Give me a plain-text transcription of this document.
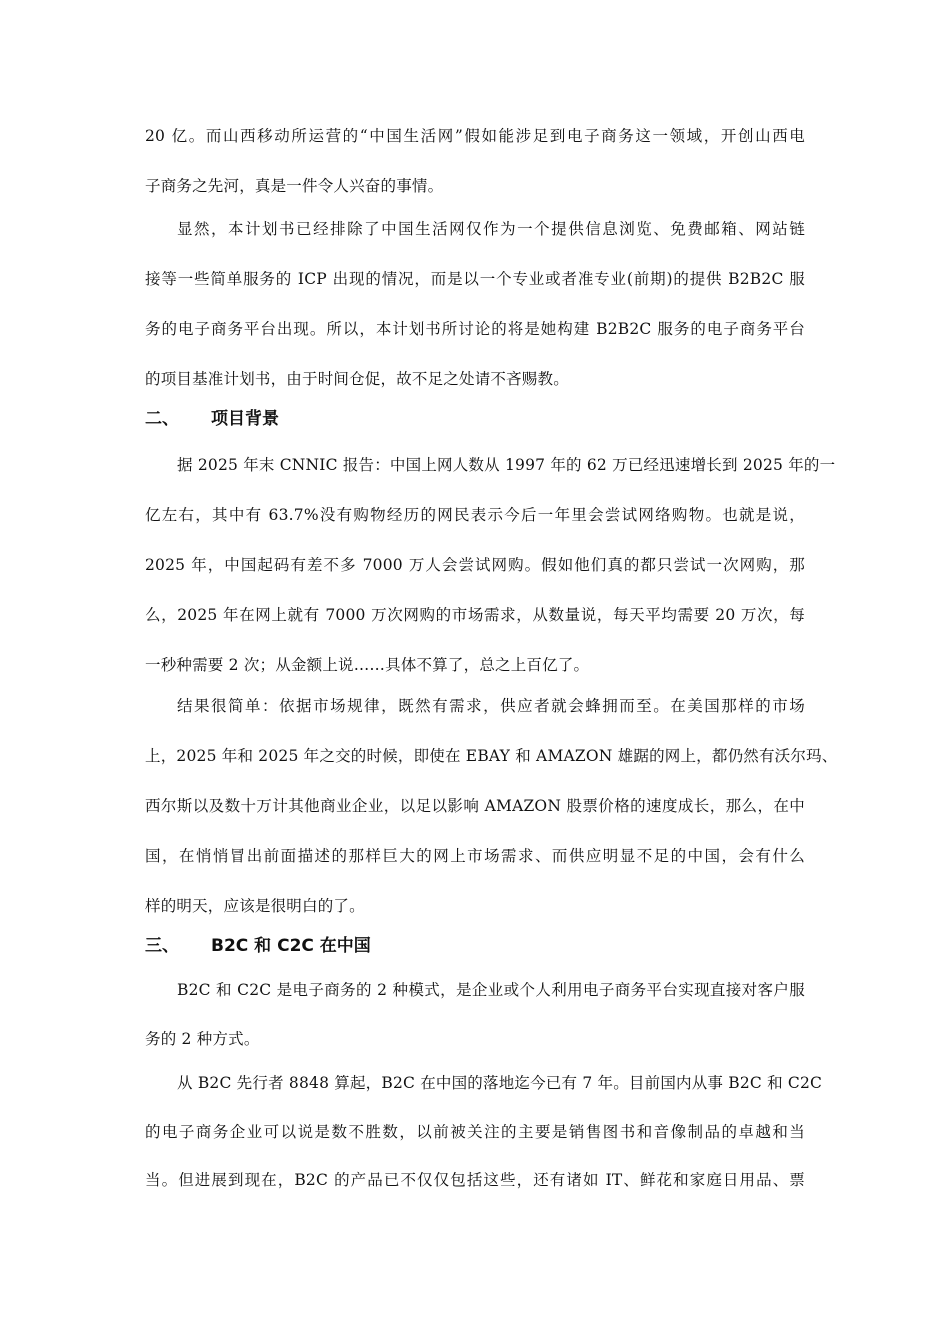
20 亿。而山西移动所运营的“中国生活网”假如能涉足到电子商务这一领域，开创山西电
子商务之先河，真是一件令人兴奋的事情。
显然，本计划书已经排除了中国生活网仅作为一个提供信息浏览、免费邮箱、网站链
接等一些简单服务的 ICP 出现的情况，而是以一个专业或者准专业(前期)的提供 B2B2C 服
务的电子商务平台出现。所以，本计划书所讨论的将是她构建 B2B2C 服务的电子商务平台
的项目基准计划书，由于时间仓促，故不足之处请不吝赐教。
二、 项目背景
据 2025 年末 CNNIC 报告：中国上网人数从 1997 年的 62 万已经迅速增长到 2025 年的一
亿左右，其中有 63.7%没有购物经历的网民表示今后一年里会尝试网络购物。也就是说，
2025 年，中国起码有差不多 7000 万人会尝试网购。假如他们真的都只尝试一次网购，那
么，2025 年在网上就有 7000 万次网购的市场需求，从数量说，每天平均需要 20 万次，每
一秒种需要 2 次；从金额上说……具体不算了，总之上百亿了。
结果很简单：依据市场规律，既然有需求，供应者就会蜂拥而至。在美国那样的市场
上，2025 年和 2025 年之交的时候，即使在 EBAY 和 AMAZON 雄踞的网上，都仍然有沃尔玛、
西尔斯以及数十万计其他商业企业，以足以影响 AMAZON 股票价格的速度成长，那么，在中
国，在悄悄冒出前面描述的那样巨大的网上市场需求、而供应明显不足的中国，会有什么
样的明天，应该是很明白的了。
三、 B2C 和 C2C 在中国
B2C 和 C2C 是电子商务的 2 种模式，是企业或个人利用电子商务平台实现直接对客户服
务的 2 种方式。
从 B2C 先行者 8848 算起，B2C 在中国的落地迄今已有 7 年。目前国内从事 B2C 和 C2C
的电子商务企业可以说是数不胜数，以前被关注的主要是销售图书和音像制品的卓越和当
当。但进展到现在，B2C 的产品已不仅仅包括这些，还有诸如 IT、鲜花和家庭日用品、票
